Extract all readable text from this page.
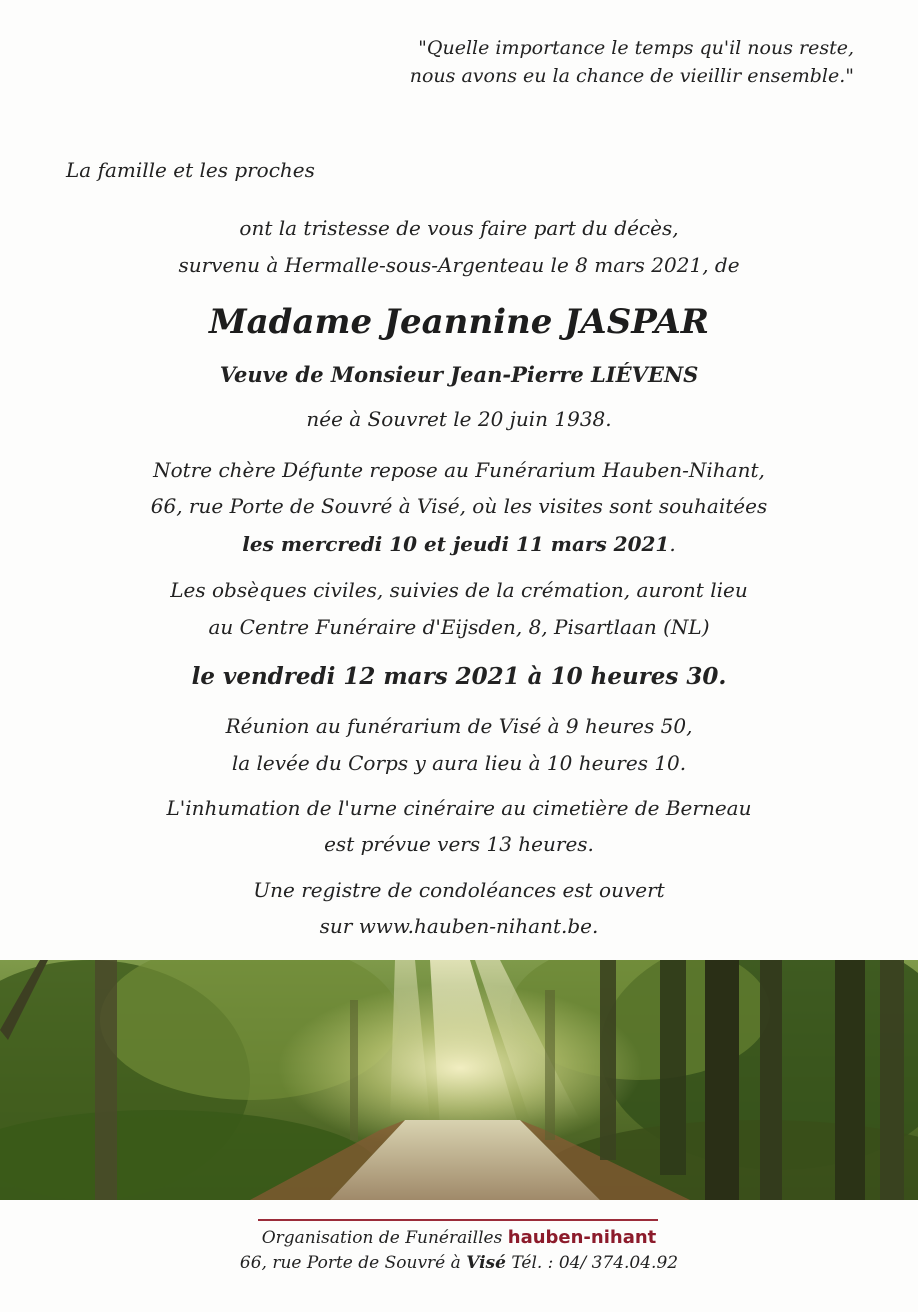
"Quelle importance le temps qu'il nous reste,
nous avons eu la chance de vieillir ensemble."
La famille et les proches
ont la tristesse de vous faire part du décès,
survenu à Hermalle-sous-Argenteau le 8 mars 2021, de
Madame Jeannine JASPAR
Veuve de Monsieur Jean-Pierre LIÉVENS
née à Souvret le 20 juin 1938.
Notre chère Défunte repose au Funérarium Hauben-Nihant,
66, rue Porte de Souvré à Visé, où les visites sont souhaitées
les mercredi 10 et jeudi 11 mars 2021.
Les obsèques civiles, suivies de la crémation, auront lieu
au Centre Funéraire d'Eijsden, 8, Pisartlaan (NL)
le vendredi 12 mars 2021 à 10 heures 30.
Réunion au funérarium de Visé à 9 heures 50,
la levée du Corps y aura lieu à 10 heures 10.
L'inhumation de l'urne cinéraire au cimetière de Berneau
est prévue vers 13 heures.
Une registre de condoléances est ouvert
sur www.hauben-nihant.be.
Organisation de Funérailles hauben-nihant
66, rue Porte de Souvré à Visé Tél. : 04/ 374.04.92
